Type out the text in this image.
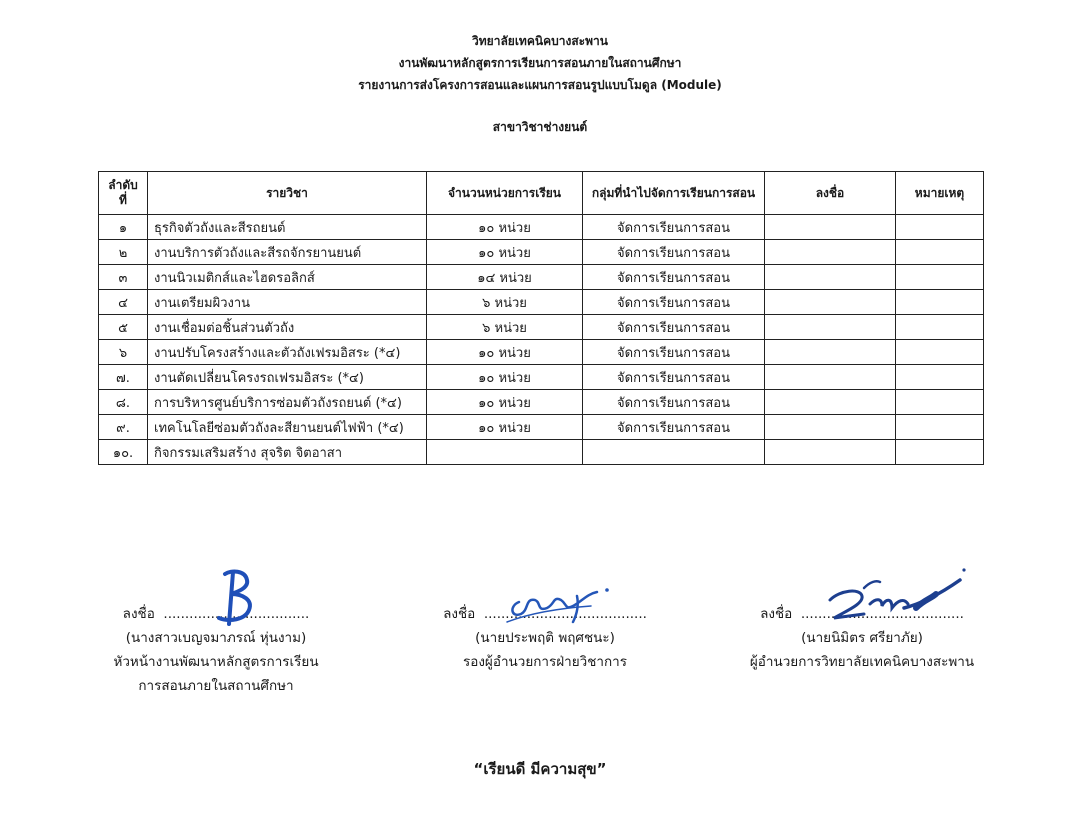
วิทยาลัยเทคนิคบางสะพาน
งานพัฒนาหลักสูตรการเรียนการสอนภายในสถานศึกษา
รายงานการส่งโครงการสอนและแผนการสอนรูปแบบโมดูล (Module)
สาขาวิชาช่างยนต์
ลำดับที่	รายวิชา	จำนวนหน่วยการเรียน	กลุ่มที่นำไปจัดการเรียนการสอน	ลงชื่อ	หมายเหตุ
๑	ธุรกิจตัวถังและสีรถยนต์	๑๐ หน่วย	จัดการเรียนการสอน		
๒	งานบริการตัวถังและสีรถจักรยานยนต์	๑๐ หน่วย	จัดการเรียนการสอน		
๓	งานนิวเมติกส์และไฮดรอลิกส์	๑๔ หน่วย	จัดการเรียนการสอน		
๔	งานเตรียมผิวงาน	๖ หน่วย	จัดการเรียนการสอน		
๕	งานเชื่อมต่อชิ้นส่วนตัวถัง	๖ หน่วย	จัดการเรียนการสอน		
๖	งานปรับโครงสร้างและตัวถังเฟรมอิสระ (*๔)	๑๐ หน่วย	จัดการเรียนการสอน		
๗.	งานตัดเปลี่ยนโครงรถเฟรมอิสระ (*๔)	๑๐ หน่วย	จัดการเรียนการสอน		
๘.	การบริหารศูนย์บริการซ่อมตัวถังรถยนต์ (*๔)	๑๐ หน่วย	จัดการเรียนการสอน		
๙.	เทคโนโลยีซ่อมตัวถังละสียานยนต์ไฟฟ้า (*๔)	๑๐ หน่วย	จัดการเรียนการสอน		
๑๐.	กิจกรรมเสริมสร้าง สุจริต จิตอาสา				
ลงชื่อ ..................................
(นางสาวเบญจมาภรณ์ หุ่นงาม)
หัวหน้างานพัฒนาหลักสูตรการเรียน
การสอนภายในสถานศึกษา
ลงชื่อ ......................................
(นายประพฤติ พฤศชนะ)
รองผู้อำนวยการฝ่ายวิชาการ
ลงชื่อ ......................................
(นายนิมิตร ศรียาภัย)
ผู้อำนวยการวิทยาลัยเทคนิคบางสะพาน
“เรียนดี มีความสุข”
